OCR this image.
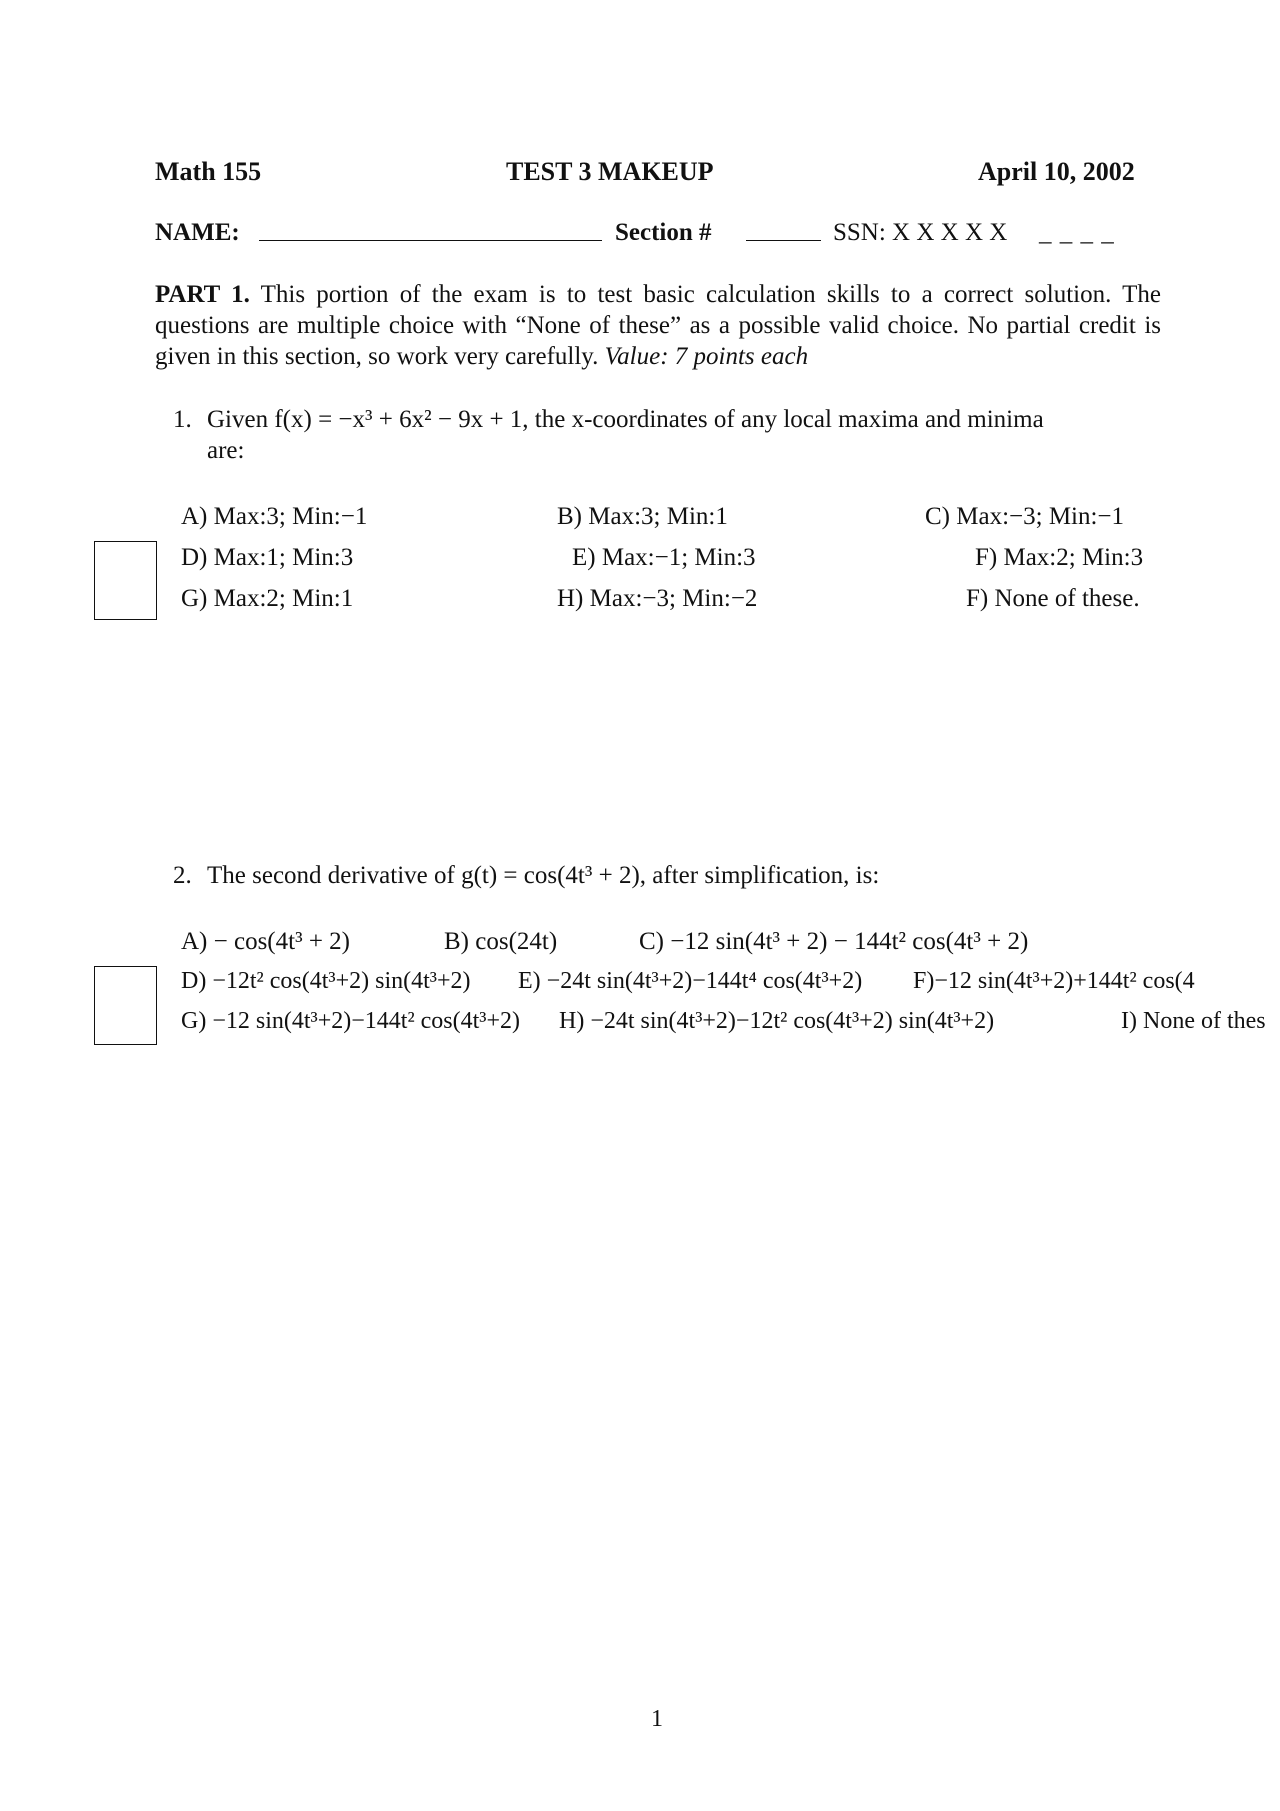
Math 155	TEST 3 MAKEUP	April 10, 2002
NAME:	Section #	SSN: X X X X X _ _ _ _
PART 1. This portion of the exam is to test basic calculation skills to a correct solution. The questions are multiple choice with “None of these” as a possible valid choice. No partial credit is given in this section, so work very carefully. Value: 7 points each
1. Given f(x) = −x³ + 6x² − 9x + 1, the x-coordinates of any local maxima and minima
are:
A) Max:3; Min:−1	B) Max:3; Min:1	C) Max:−3; Min:−1
D) Max:1; Min:3	E) Max:−1; Min:3	F) Max:2; Min:3
G) Max:2; Min:1	H) Max:−3; Min:−2	F) None of these.
2. The second derivative of g(t) = cos(4t³ + 2), after simplification, is:
A) − cos(4t³ + 2)	B) cos(24t)	C) −12 sin(4t³ + 2) − 144t² cos(4t³ + 2)
D) −12t² cos(4t³+2) sin(4t³+2) E) −24t sin(4t³+2)−144t⁴ cos(4t³+2) F)−12 sin(4t³+2)+144t² cos(4
G) −12 sin(4t³+2)−144t² cos(4t³+2) H) −24t sin(4t³+2)−12t² cos(4t³+2) sin(4t³+2)	I) None of thes
1
